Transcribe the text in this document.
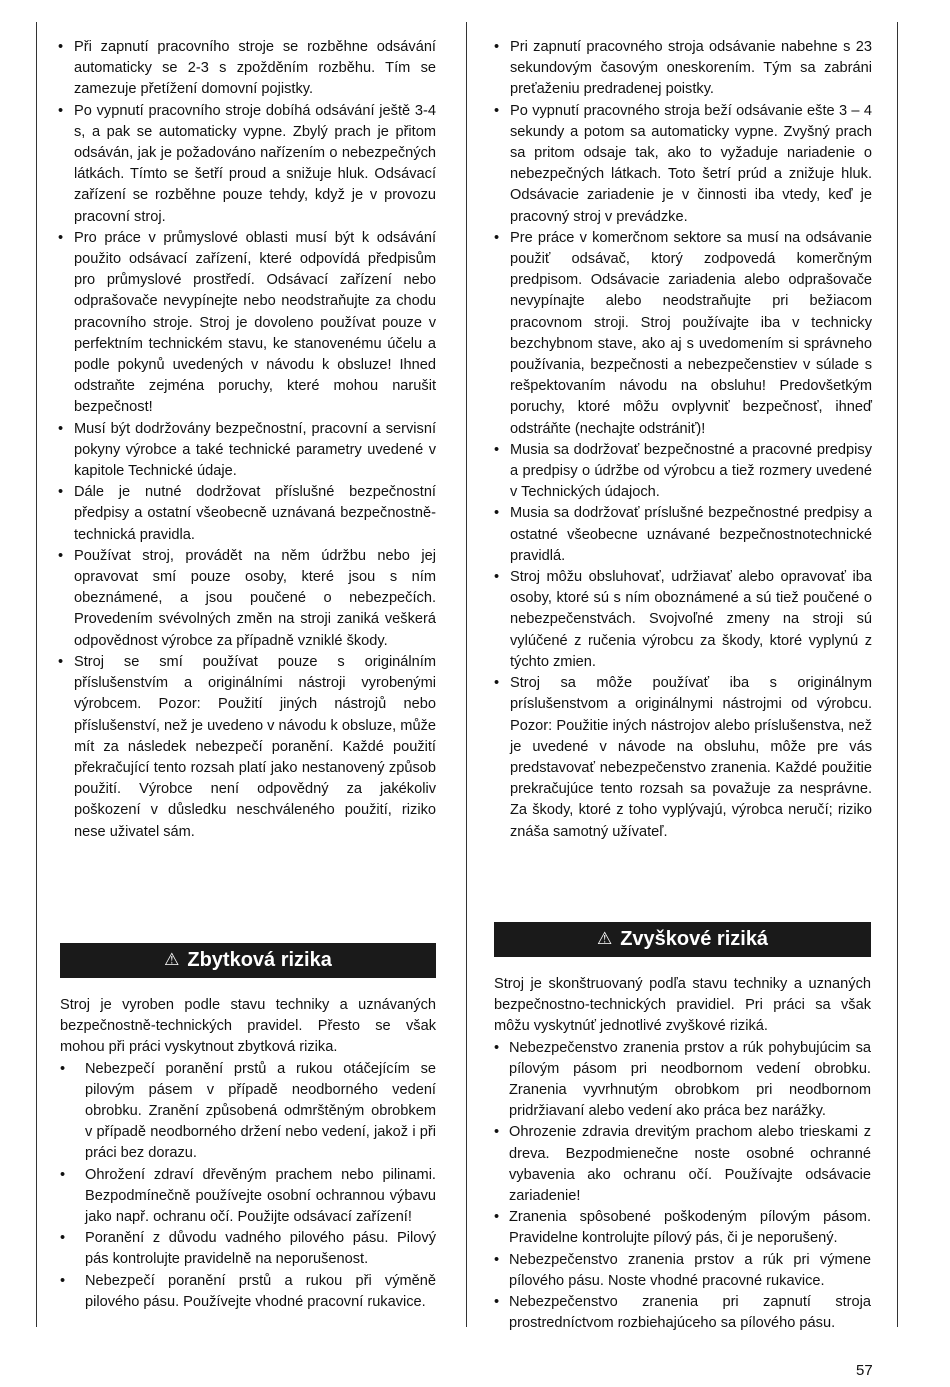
• Při zapnutí pracovního stroje se rozběhne odsávání automaticky se 2-3 s zpožděním rozběhu. Tím se zamezuje přetížení domovní pojistky.
• Po vypnutí pracovního stroje dobíhá odsávání ještě 3-4 s, a pak se automaticky vypne. Zbylý prach je přitom odsáván, jak je požadováno nařízením o nebezpečných látkách. Tímto se šetří proud a snižuje hluk. Odsávací zařízení se rozběhne pouze tehdy, když je v provozu pracovní stroj.
• Pro práce v průmyslové oblasti musí být k odsávání použito odsávací zařízení, které odpovídá předpisům pro průmyslové prostředí. Odsávací zařízení nebo odprašovače nevypínejte nebo neodstraňujte za chodu pracovního stroje. Stroj je dovoleno používat pouze v perfektním technickém stavu, ke stanovenému účelu a podle pokynů uvedených v návodu k obsluze! Ihned odstraňte zejména poruchy, které mohou narušit bezpečnost!
• Musí být dodržovány bezpečnostní, pracovní a servisní pokyny výrobce a také technické parametry uvedené v kapitole Technické údaje.
• Dále je nutné dodržovat příslušné bezpečnostní předpisy a ostatní všeobecně uznávaná bezpečnostně-technická pravidla.
• Používat stroj, provádět na něm údržbu nebo jej opravovat smí pouze osoby, které jsou s ním obeznámené, a jsou poučené o nebezpečích. Provedením svévolných změn na stroji zaniká veškerá odpovědnost výrobce za případně vzniklé škody.
• Stroj se smí používat pouze s originálním příslušenstvím a originálními nástroji vyrobenými výrobcem. Pozor: Použití jiných nástrojů nebo příslušenství, než je uvedeno v návodu k obsluze, může mít za následek nebezpečí poranění. Každé použití překračující tento rozsah platí jako nestanovený způsob použití. Výrobce není odpovědný za jakékoliv poškození v důsledku neschváleného použití, riziko nese uživatel sám.
• Pri zapnutí pracovného stroja odsávanie nabehne s 23 sekundovým časovým oneskorením. Tým sa zabráni preťaženiu predradenej poistky.
• Po vypnutí pracovného stroja beží odsávanie ešte 3 – 4 sekundy a potom sa automaticky vypne. Zvyšný prach sa pritom odsaje tak, ako to vyžaduje nariadenie o nebezpečných látkach. Toto šetrí prúd a znižuje hluk. Odsávacie zariadenie je v činnosti iba vtedy, keď je pracovný stroj v prevádzke.
• Pre práce v komerčnom sektore sa musí na odsávanie použiť odsávač, ktorý zodpovedá komerčným predpisom. Odsávacie zariadenia alebo odprašovače nevypínajte alebo neodstraňujte pri bežiacom pracovnom stroji. Stroj používajte iba v technicky bezchybnom stave, ako aj s uvedomením si správneho používania, bezpečnosti a nebezpečenstiev v súlade s rešpektovaním návodu na obsluhu! Predovšetkým poruchy, ktoré môžu ovplyvniť bezpečnosť, ihneď odstráňte (nechajte odstrániť)!
• Musia sa dodržovať bezpečnostné a pracovné predpisy a predpisy o údržbe od výrobcu a tiež rozmery uvedené v Technických údajoch.
• Musia sa dodržovať príslušné bezpečnostné predpisy a ostatné všeobecne uznávané bezpečnostnotechnické pravidlá.
• Stroj môžu obsluhovať, udržiavať alebo opravovať iba osoby, ktoré sú s ním oboznámené a sú tiež poučené o nebezpečenstvách. Svojvoľné zmeny na stroji sú vylúčené z ručenia výrobcu za škody, ktoré vyplynú z týchto zmien.
• Stroj sa môže používať iba s originálnym príslušenstvom a originálnymi nástrojmi od výrobcu. Pozor: Použitie iných nástrojov alebo príslušenstva, než je uvedené v návode na obsluhu, môže pre vás predstavovať nebezpečenstvo zranenia. Každé použitie prekračujúce tento rozsah sa považuje za nesprávne. Za škody, ktoré z toho vyplývajú, výrobca neručí; riziko znáša samotný užívateľ.
⚠ Zbytková rizika

Stroj je vyroben podle stavu techniky a uznávaných bezpečnostně-technických pravidel. Přesto se však mohou při práci vyskytnout zbytková rizika.

• Nebezpečí poranění prstů a rukou otáčejícím se pilovým pásem v případě neodborného vedení obrobku. Zranění způsobená odmrštěným obrobkem v případě neodborného držení nebo vedení, jakož i při práci bez dorazu.
• Ohrožení zdraví dřevěným prachem nebo pilinami. Bezpodmínečně používejte osobní ochrannou výbavu jako např. ochranu očí. Použijte odsávací zařízení!
• Poranění z důvodu vadného pilového pásu. Pilový pás kontrolujte pravidelně na neporušenost.
• Nebezpečí poranění prstů a rukou při výměně pilového pásu. Používejte vhodné pracovní rukavice.
⚠ Zvyškové riziká

Stroj je skonštruovaný podľa stavu techniky a uznaných bezpečnostno-technických pravidiel. Pri práci sa však môžu vyskytnúť jednotlivé zvyškové riziká.

• Nebezpečenstvo zranenia prstov a rúk pohybujúcim sa pílovým pásom pri neodbornom vedení obrobku. Zranenia vyvrhnutým obrobkom pri neodbornom pridržiavaní alebo vedení ako práca bez narážky.
• Ohrozenie zdravia drevitým prachom alebo trieskami z dreva. Bezpodmienečne noste osobné ochranné vybavenia ako ochranu očí. Používajte odsávacie zariadenie!
• Zranenia spôsobené poškodeným pílovým pásom. Pravidelne kontrolujte pílový pás, či je neporušený.
• Nebezpečenstvo zranenia prstov a rúk pri výmene pílového pásu. Noste vhodné pracovné rukavice.
• Nebezpečenstvo zranenia pri zapnutí stroja prostredníctvom rozbiehajúceho sa pílového pásu.
57
